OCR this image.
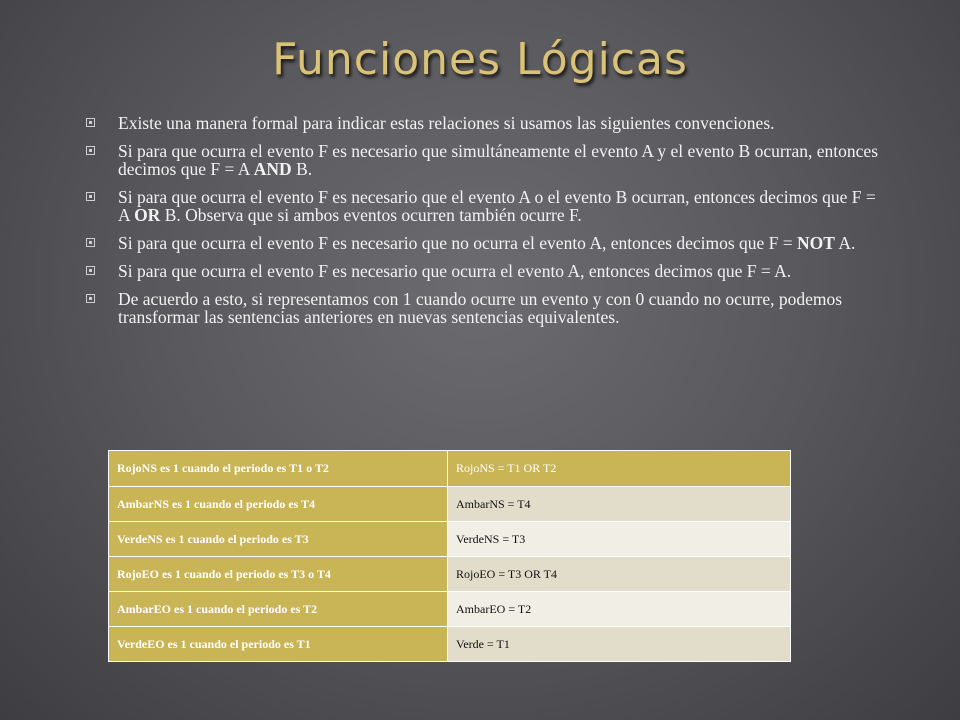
Funciones Lógicas
Existe una manera formal para indicar estas relaciones si usamos las siguientes convenciones.
Si para que ocurra el evento F es necesario que simultáneamente el evento A y el evento B ocurran, entonces decimos que F = A AND B.
Si para que ocurra el evento F es necesario que el evento A o el evento B ocurran, entonces decimos que F = A OR B. Observa que si ambos eventos ocurren también ocurre F.
Si para que ocurra el evento F es necesario que no ocurra el evento A, entonces decimos que F = NOT A.
Si para que ocurra el evento F es necesario que ocurra el evento A, entonces decimos que F = A.
De acuerdo a esto, si representamos con 1 cuando ocurre un evento y con 0 cuando no ocurre, podemos transformar las sentencias anteriores en nuevas sentencias equivalentes.
RojoNS es 1 cuando el periodo es T1 o T2	RojoNS = T1 OR T2
AmbarNS es 1 cuando el periodo es T4	AmbarNS = T4
VerdeNS es 1 cuando el periodo es T3	VerdeNS = T3
RojoEO es 1 cuando el periodo es T3 o T4	RojoEO = T3 OR T4
AmbarEO es 1 cuando el periodo es T2	AmbarEO = T2
VerdeEO es 1 cuando el periodo es T1	Verde = T1
